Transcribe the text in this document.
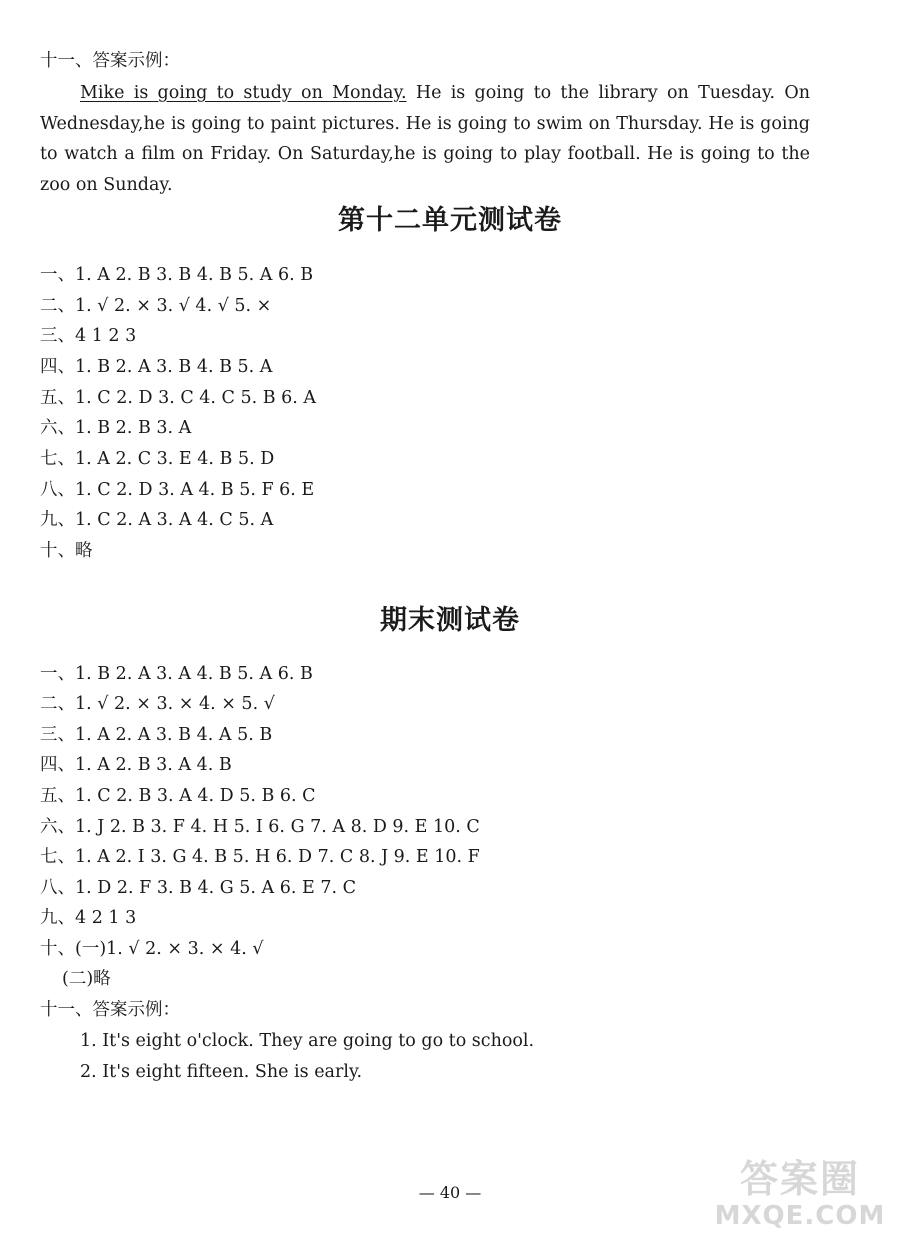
十一、答案示例：
Mike is going to study on Monday. He is going to the library on Tuesday. On Wednesday,he is going to paint pictures. He is going to swim on Thursday. He is going to watch a film on Friday. On Saturday,he is going to play football. He is going to the zoo on Sunday.
第十二单元测试卷
一、1. A 2. B 3. B 4. B 5. A 6. B
二、1. √ 2. × 3. √ 4. √ 5. ×
三、4 1 2 3
四、1. B 2. A 3. B 4. B 5. A
五、1. C 2. D 3. C 4. C 5. B 6. A
六、1. B 2. B 3. A
七、1. A 2. C 3. E 4. B 5. D
八、1. C 2. D 3. A 4. B 5. F 6. E
九、1. C 2. A 3. A 4. C 5. A
十、略
期末测试卷
一、1. B 2. A 3. A 4. B 5. A 6. B
二、1. √ 2. × 3. × 4. × 5. √
三、1. A 2. A 3. B 4. A 5. B
四、1. A 2. B 3. A 4. B
五、1. C 2. B 3. A 4. D 5. B 6. C
六、1. J 2. B 3. F 4. H 5. I 6. G 7. A 8. D 9. E 10. C
七、1. A 2. I 3. G 4. B 5. H 6. D 7. C 8. J 9. E 10. F
八、1. D 2. F 3. B 4. G 5. A 6. E 7. C
九、4 2 1 3
十、(一)1. √ 2. × 3. × 4. √
(二)略
十一、答案示例：
1. It's eight o'clock. They are going to go to school.
2. It's eight fifteen. She is early.
— 40 —	答案圈
MXQE.COM
